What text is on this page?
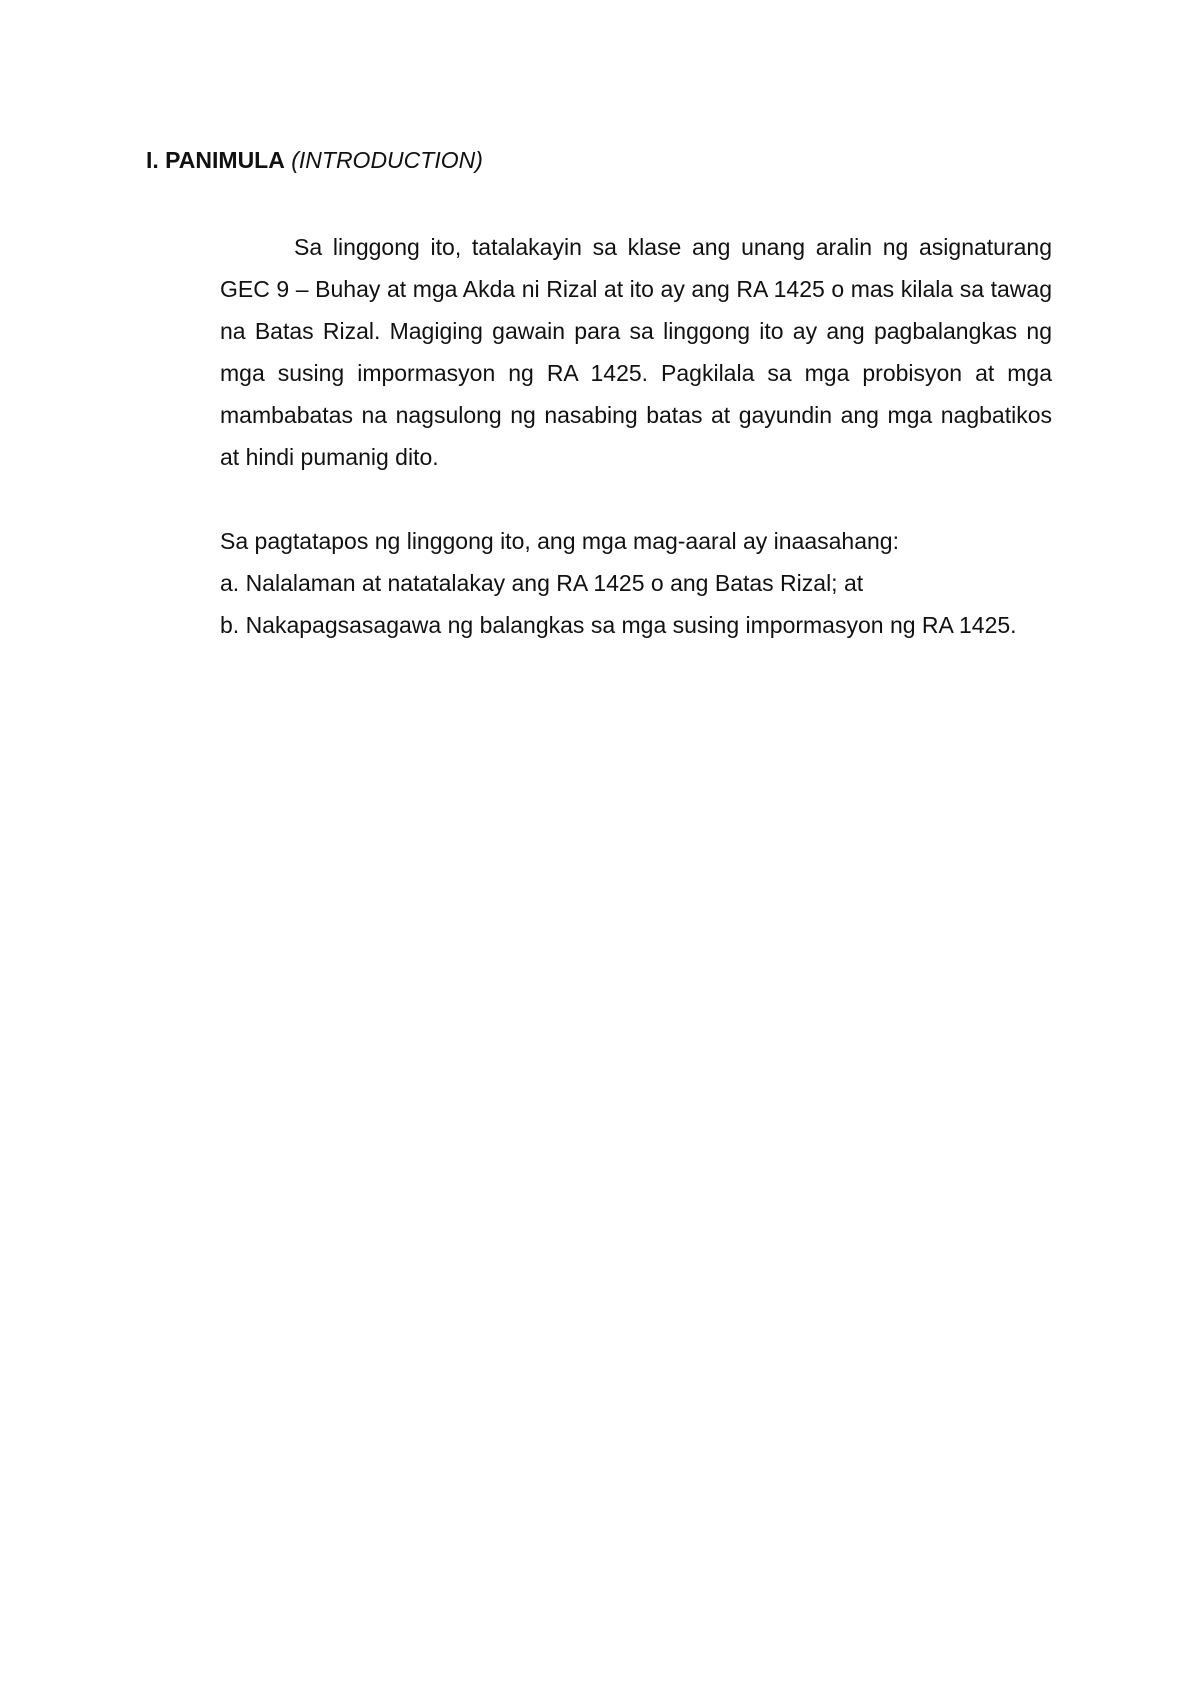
I. PANIMULA (INTRODUCTION)

Sa linggong ito, tatalakayin sa klase ang unang aralin ng asignaturang GEC 9 – Buhay at mga Akda ni Rizal at ito ay ang RA 1425 o mas kilala sa tawag na Batas Rizal. Magiging gawain para sa linggong ito ay ang pagbalangkas ng mga susing impormasyon ng RA 1425. Pagkilala sa mga probisyon at mga mambabatas na nagsulong ng nasabing batas at gayundin ang mga nagbatikos at hindi pumanig dito.

Sa pagtatapos ng linggong ito, ang mga mag-aaral ay inaasahang:

a. Nalalaman at natatalakay ang RA 1425 o ang Batas Rizal; at
b. Nakapagsasagawa ng balangkas sa mga susing impormasyon ng RA 1425.
